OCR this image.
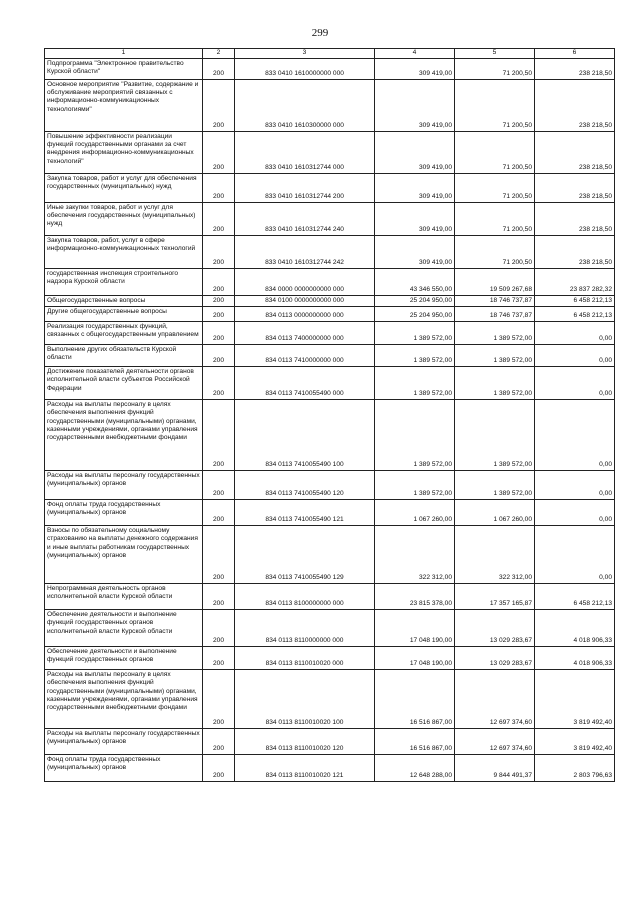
299
1	2	3	4	5	6
Подпрограмма "Электронное правительство Курской области"	200	833 0410 1610000000 000	309 419,00	71 200,50	238 218,50
Основное мероприятие "Развитие, содержание и обслуживание мероприятий связанных с информационно-коммуникационных технологиями"	200	833 0410 1610300000 000	309 419,00	71 200,50	238 218,50
Повышение эффективности реализации функций государственными органами за счет внедрения информационно-коммуникационных технологий"	200	833 0410 1610312744 000	309 419,00	71 200,50	238 218,50
Закупка товаров, работ и услуг для обеспечения государственных (муниципальных) нужд	200	833 0410 1610312744 200	309 419,00	71 200,50	238 218,50
Иные закупки товаров, работ и услуг для обеспечения государственных (муниципальных) нужд	200	833 0410 1610312744 240	309 419,00	71 200,50	238 218,50
Закупка товаров, работ, услуг в сфере информационно-коммуникационных технологий	200	833 0410 1610312744 242	309 419,00	71 200,50	238 218,50
государственная инспекция строительного надзора Курской области	200	834 0000 0000000000 000	43 346 550,00	19 509 267,68	23 837 282,32
Общегосударственные вопросы	200	834 0100 0000000000 000	25 204 950,00	18 746 737,87	6 458 212,13
Другие общегосударственные вопросы	200	834 0113 0000000000 000	25 204 950,00	18 746 737,87	6 458 212,13
Реализация государственных функций, связанных с общегосударственным управлением	200	834 0113 7400000000 000	1 389 572,00	1 389 572,00	0,00
Выполнение других обязательств Курской области	200	834 0113 7410000000 000	1 389 572,00	1 389 572,00	0,00
Достижение показателей деятельности органов исполнительной власти субъектов Российской Федерации	200	834 0113 7410055490 000	1 389 572,00	1 389 572,00	0,00
Расходы на выплаты персоналу в целях обеспечения выполнения функций государственными (муниципальными) органами, казенными учреждениями, органами управления государственными внебюджетными фондами	200	834 0113 7410055490 100	1 389 572,00	1 389 572,00	0,00
Расходы на выплаты персоналу государственных (муниципальных) органов	200	834 0113 7410055490 120	1 389 572,00	1 389 572,00	0,00
Фонд оплаты труда государственных (муниципальных) органов	200	834 0113 7410055490 121	1 067 260,00	1 067 260,00	0,00
Взносы по обязательному социальному страхованию на выплаты денежного содержания и иные выплаты работникам государственных (муниципальных) органов	200	834 0113 7410055490 129	322 312,00	322 312,00	0,00
Непрограммная деятельность органов исполнительной власти Курской области	200	834 0113 8100000000 000	23 815 378,00	17 357 165,87	6 458 212,13
Обеспечение деятельности и выполнение функций государственных органов исполнительной власти Курской области	200	834 0113 8110000000 000	17 048 190,00	13 029 283,67	4 018 906,33
Обеспечение деятельности и выполнение функций государственных органов	200	834 0113 8110010020 000	17 048 190,00	13 029 283,67	4 018 906,33
Расходы на выплаты персоналу в целях обеспечения выполнения функций государственными (муниципальными) органами, казенными учреждениями, органами управления государственными внебюджетными фондами	200	834 0113 8110010020 100	16 516 867,00	12 697 374,60	3 819 492,40
Расходы на выплаты персоналу государственных (муниципальных) органов	200	834 0113 8110010020 120	16 516 867,00	12 697 374,60	3 819 492,40
Фонд оплаты труда государственных (муниципальных) органов	200	834 0113 8110010020 121	12 648 288,00	9 844 491,37	2 803 796,63
